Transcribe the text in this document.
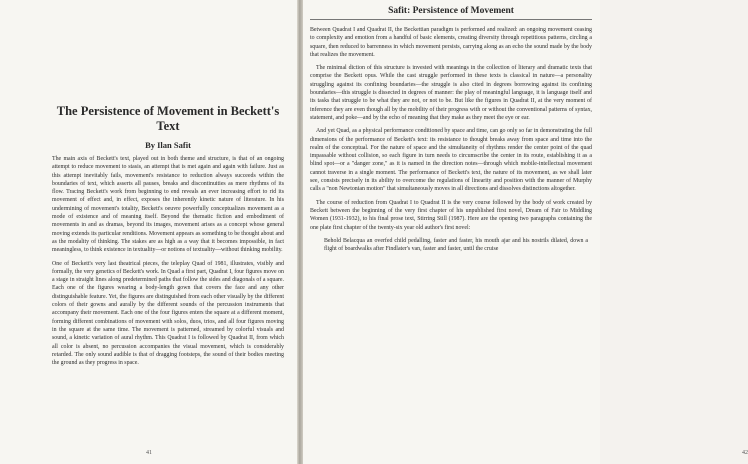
The Persistence of Movement in Beckett's Text
By Ilan Safit

The main axis of Beckett's text, played out in both theme and structure, is that of an ongoing attempt to reduce movement to stasis, an attempt that is met again and again with failure. Just as this attempt inevitably fails, movement's resistance to reduction always succeeds within the boundaries of text, which asserts all pauses, breaks and discontinuities as mere rhythms of its flow. Tracing Beckett's work from beginning to end reveals an ever increasing effort to rid its movement of effect and, in effect, exposes the inherently kinetic nature of literature. In his undermining of movement's totality, Beckett's oeuvre powerfully conceptualizes movement as a mode of existence and of meaning itself. Beyond the thematic fiction and embodiment of movements in and as dramas, beyond its images, movement arises as a concept whose general moving extends its particular renditions. Movement appears as something to be thought about and as the modality of thinking. The stakes are as high as a way that it becomes impossible, in fact meaningless, to think existence in textuality—or notions of textuality—without thinking mobility.

One of Beckett's very last theatrical pieces, the teleplay Quad of 1981, illustrates, visibly and formally, the very genetics of Beckett's work. In Quad a first part, Quadrat I, four figures move on a stage in straight lines along predetermined paths that follow the sides and diagonals of a square. Each one of the figures wearing a body-length gown that covers the face and any other distinguishable feature. Yet, the figures are distinguished from each other visually by the different colors of their gowns and aurally by the different sounds of the percussion instruments that accompany their movement. Each one of the four figures enters the square at a different moment, forming different combinations of movement with solos, duos, trios, and all four figures moving in the square at the same time. The movement is patterned, streamed by colorful visuals and sound, a kinetic variation of aural rhythm. This Quadrat I is followed by Quadrat II, from which all color is absent, no percussion accompanies the visual movement, which is considerably retarded. The only sound audible is that of dragging footsteps, the sound of their bodies meeting the ground as they progress in space.

41
Safit: Persistence of Movement

Between Quadrat I and Quadrat II, the Beckettian paradigm is performed and realized: an ongoing movement ceasing to complexity and emotion from a handful of basic elements, creating diversity through repetitious patterns, circling a square, then reduced to barrenness in which movement persists, carrying along as an echo the sound made by the body that realizes the movement.

The minimal diction of this structure is invested with meanings in the collection of literary and dramatic texts that comprise the Beckett opus. While the cast struggle performed in these texts is classical in nature—a personality struggling against its confining boundaries—the struggle is also cited in degrees borrowing against its confining boundaries—this struggle is dissected in degrees of manner: the play of meaningful language, it is language itself and its tasks that struggle to be what they are not, or not to be. But like the figures in Quadrat II, at the very moment of inference they are even though all by the mobility of their progress with or without the conventional patterns of syntax, statement, and poke—and by the echo of meaning that they make as they meet the eye or ear.

And yet Quad, as a physical performance conditioned by space and time, can go only so far in demonstrating the full dimensions of the performance of Beckett's text: its resistance to thought breaks away from space and time into the realm of the conceptual. For the nature of space and the simultaneity of rhythms render the center point of the quad impassable without collision, so each figure in turn needs to circumscribe the center in its route, establishing it as a blind spot—or a "danger zone," as it is named in the direction notes—through which mobile-intellectual movement cannot traverse in a single moment. The performance of Beckett's text, the nature of its movement, as we shall later see, consists precisely in its ability to overcome the regulations of linearity and position with the manner of Murphy calls a "non Newtonian motion" that simultaneously moves in all directions and dissolves distinctions altogether.

The course of reduction from Quadrat I to Quadrat II is the very course followed by the body of work created by Beckett between the beginning of the very first chapter of his unpublished first novel, Dream of Fair to Middling Women (1931-1932), to his final prose text, Stirring Still (1987). Here are the opening two paragraphs containing the one plate first chapter of the twenty-six year old author's first novel:

Behold Belacqua an overfed child pedalling, faster and faster, his mouth ajar and his nostrils dilated, down a flight of boardwalks after Findlater's van, faster and faster, until the cruise
42
